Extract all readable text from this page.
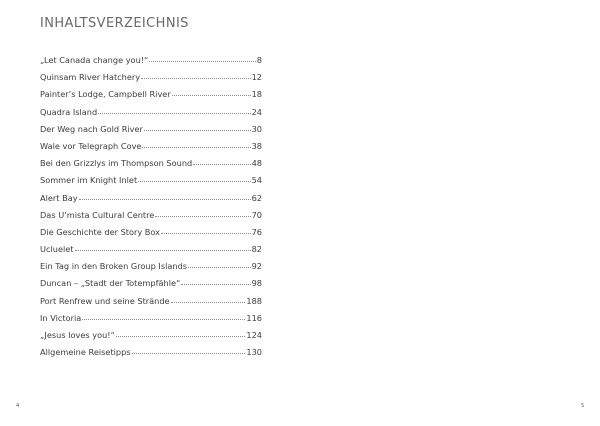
INHALTSVERZEICHNIS
„Let Canada change you!“	8
Quinsam River Hatchery	12
Painter’s Lodge, Campbell River	18
Quadra Island	24
Der Weg nach Gold River	30
Wale vor Telegraph Cove	38
Bei den Grizzlys im Thompson Sound	48
Sommer im Knight Inlet	54
Alert Bay	62
Das U’mista Cultural Centre	70
Die Geschichte der Story Box	76
Ucluelet	82
Ein Tag in den Broken Group Islands	92
Duncan – „Stadt der Totempfähle“	98
Port Renfrew und seine Strände	188
In Victoria	116
„Jesus loves you!“	124
Allgemeine Reisetipps	130
4	5
